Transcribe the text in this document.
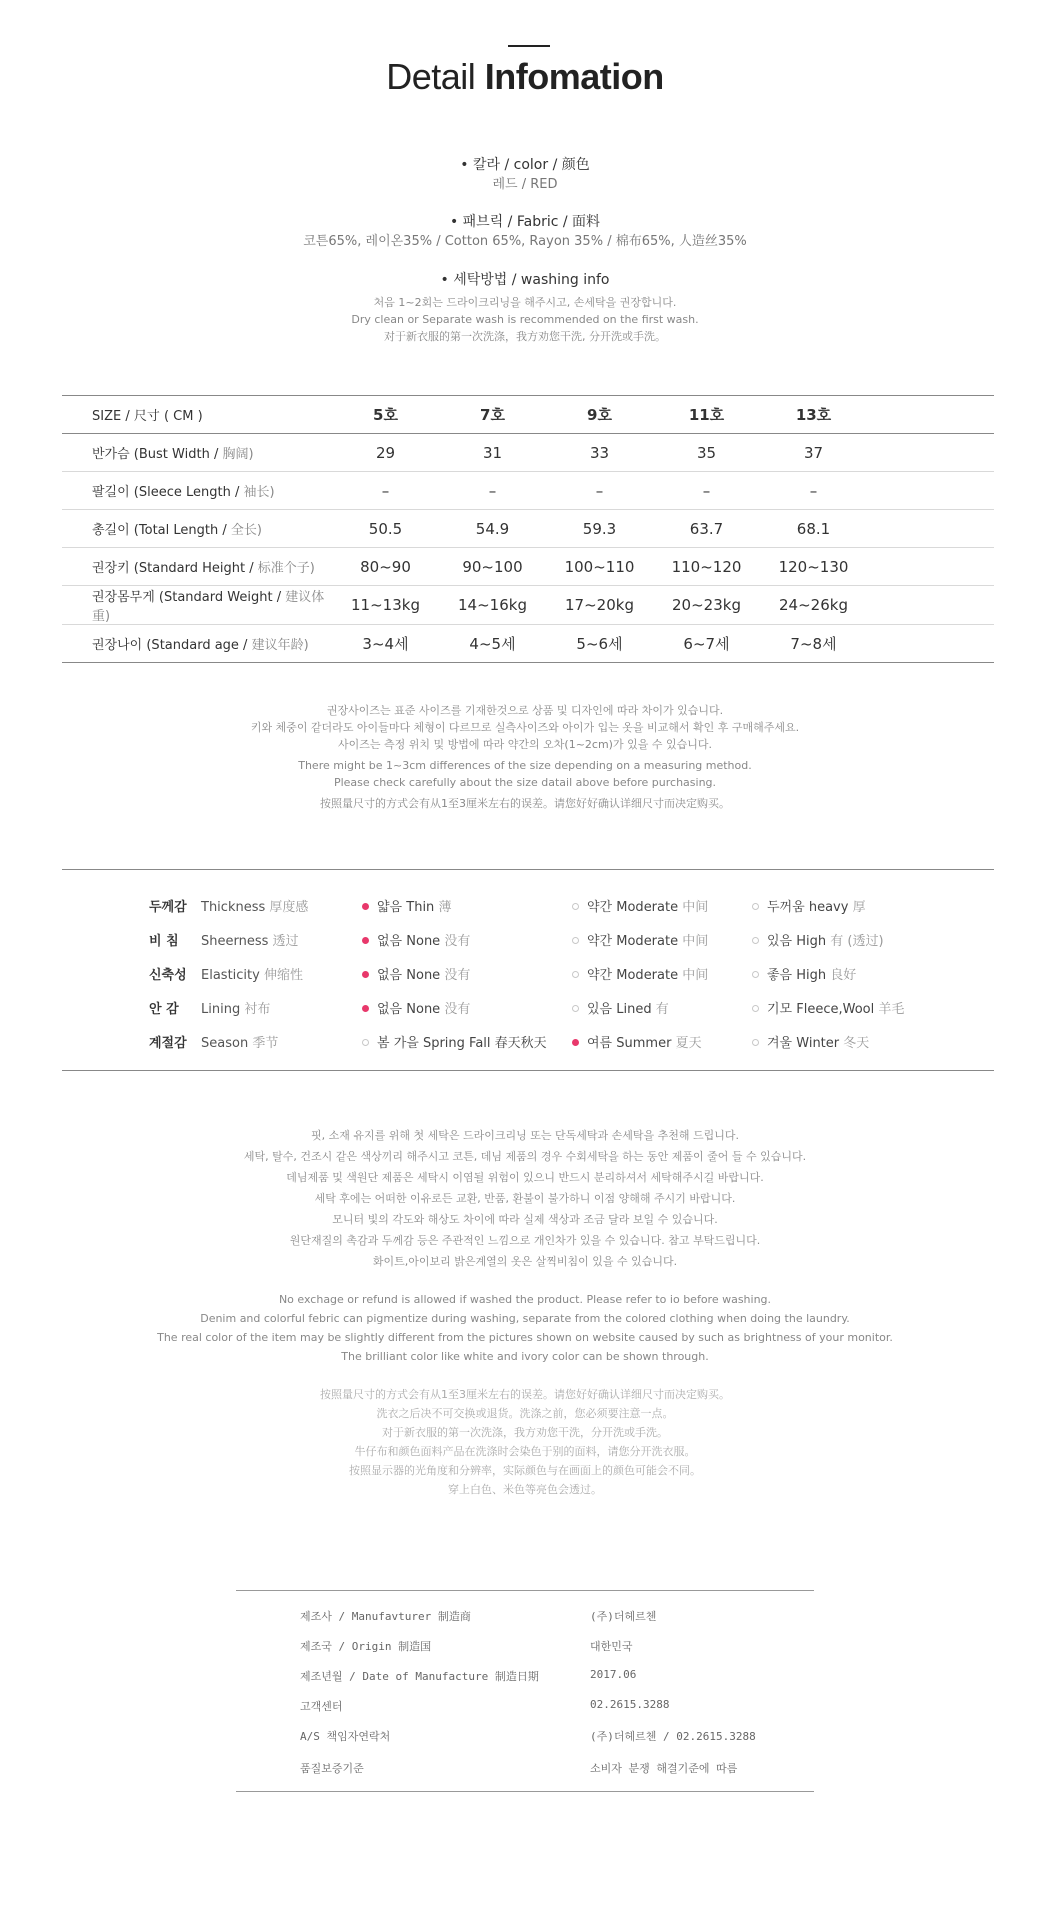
Detail Infomation
• 칼라 / color / 颜色
레드 / RED
• 패브릭 / Fabric / 面料
코튼65%, 레이온35% / Cotton 65%, Rayon 35% / 棉布65%, 人造丝35%
• 세탁방법 / washing info
처음 1~2회는 드라이크리닝을 해주시고, 손세탁을 권장합니다.
Dry clean or Separate wash is recommended on the first wash.
对于新衣服的第一次洗涤，我方劝您干洗, 分开洗或手洗。
SIZE / 尺寸 ( CM )	5호	7호	9호	11호	13호	
반가슴 (Bust Width / 胸阔)	29	31	33	35	37	
팔길이 (Sleece Length / 袖长)	–	–	–	–	–	
총길이 (Total Length / 全长)	50.5	54.9	59.3	63.7	68.1	
권장키 (Standard Height / 标准个子)	80~90	90~100	100~110	110~120	120~130	
권장몸무게 (Standard Weight / 建议体重)	11~13kg	14~16kg	17~20kg	20~23kg	24~26kg	
권장나이 (Standard age / 建议年龄)	3~4세	4~5세	5~6세	6~7세	7~8세	
권장사이즈는 표준 사이즈를 기재한것으로 상품 및 디자인에 따라 차이가 있습니다.
키와 체중이 같더라도 아이들마다 체형이 다르므로 실측사이즈와 아이가 입는 옷을 비교해서 확인 후 구매해주세요.
사이즈는 측정 위치 및 방법에 따라 약간의 오차(1~2cm)가 있을 수 있습니다.
There might be 1~3cm differences of the size depending on a measuring method.
Please check carefully about the size datail above before purchasing.
按照量尺寸的方式会有从1至3厘米左右的误差。请您好好确认详细尺寸而决定购买。
두께감 Thickness 厚度感	얇음 Thin 薄	약간 Moderate 中间	두꺼움 heavy 厚
비 침 Sheerness 透过	없음 None 没有	약간 Moderate 中间	있음 High 有 (透过)
신축성 Elasticity 伸缩性	없음 None 没有	약간 Moderate 中间	좋음 High 良好
안 감 Lining 衬布	없음 None 没有	있음 Lined 有	기모 Fleece,Wool 羊毛
계절감 Season 季节	봄 가을 Spring Fall 春天秋天	여름 Summer 夏天	겨울 Winter 冬天
핏, 소재 유지를 위해 첫 세탁은 드라이크리닝 또는 단독세탁과 손세탁을 추천해 드립니다.
세탁, 탈수, 건조시 같은 색상끼리 해주시고 코튼, 데님 제품의 경우 수회세탁을 하는 동안 제품이 줄어 들 수 있습니다.
데님제품 및 색원단 제품은 세탁시 이염될 위험이 있으니 반드시 분리하셔서 세탁해주시길 바랍니다.
세탁 후에는 어떠한 이유로든 교환, 반품, 환불이 불가하니 이점 양해해 주시기 바랍니다.
모니터 빛의 각도와 해상도 차이에 따라 실제 색상과 조금 달라 보일 수 있습니다.
원단재질의 촉감과 두께감 등은 주관적인 느낌으로 개인차가 있을 수 있습니다. 참고 부탁드립니다.
화이트,아이보리 밝은계열의 옷은 살찍비침이 있을 수 있습니다.
No exchage or refund is allowed if washed the product. Please refer to io before washing.
Denim and colorful febric can pigmentize during washing, separate from the colored clothing when doing the laundry.
The real color of the item may be slightly different from the pictures shown on website caused by such as brightness of your monitor.
The brilliant color like white and ivory color can be shown through.
按照量尺寸的方式会有从1至3厘米左右的误差。请您好好确认详细尺寸而决定购买。
洗衣之后决不可交换或退货。洗涤之前，您必须要注意一点。
对于新衣服的第一次洗涤，我方劝您干洗，分开洗或手洗。
牛仔布和颜色面料产品在洗涤时会染色于别的面料，请您分开洗衣服。
按照显示器的光角度和分辨率，实际颜色与在画面上的颜色可能会不同。
穿上白色、米色等亮色会透过。
제조사 / Manufavturer 制造商	(주)더헤르첸
제조국 / Origin 制造国	대한민국
제조년월 / Date of Manufacture 制造日期	2017.06
고객센터	02.2615.3288
A/S 책임자연락처	(주)더헤르첸 / 02.2615.3288
품질보증기준	소비자 분쟁 해결기준에 따름
